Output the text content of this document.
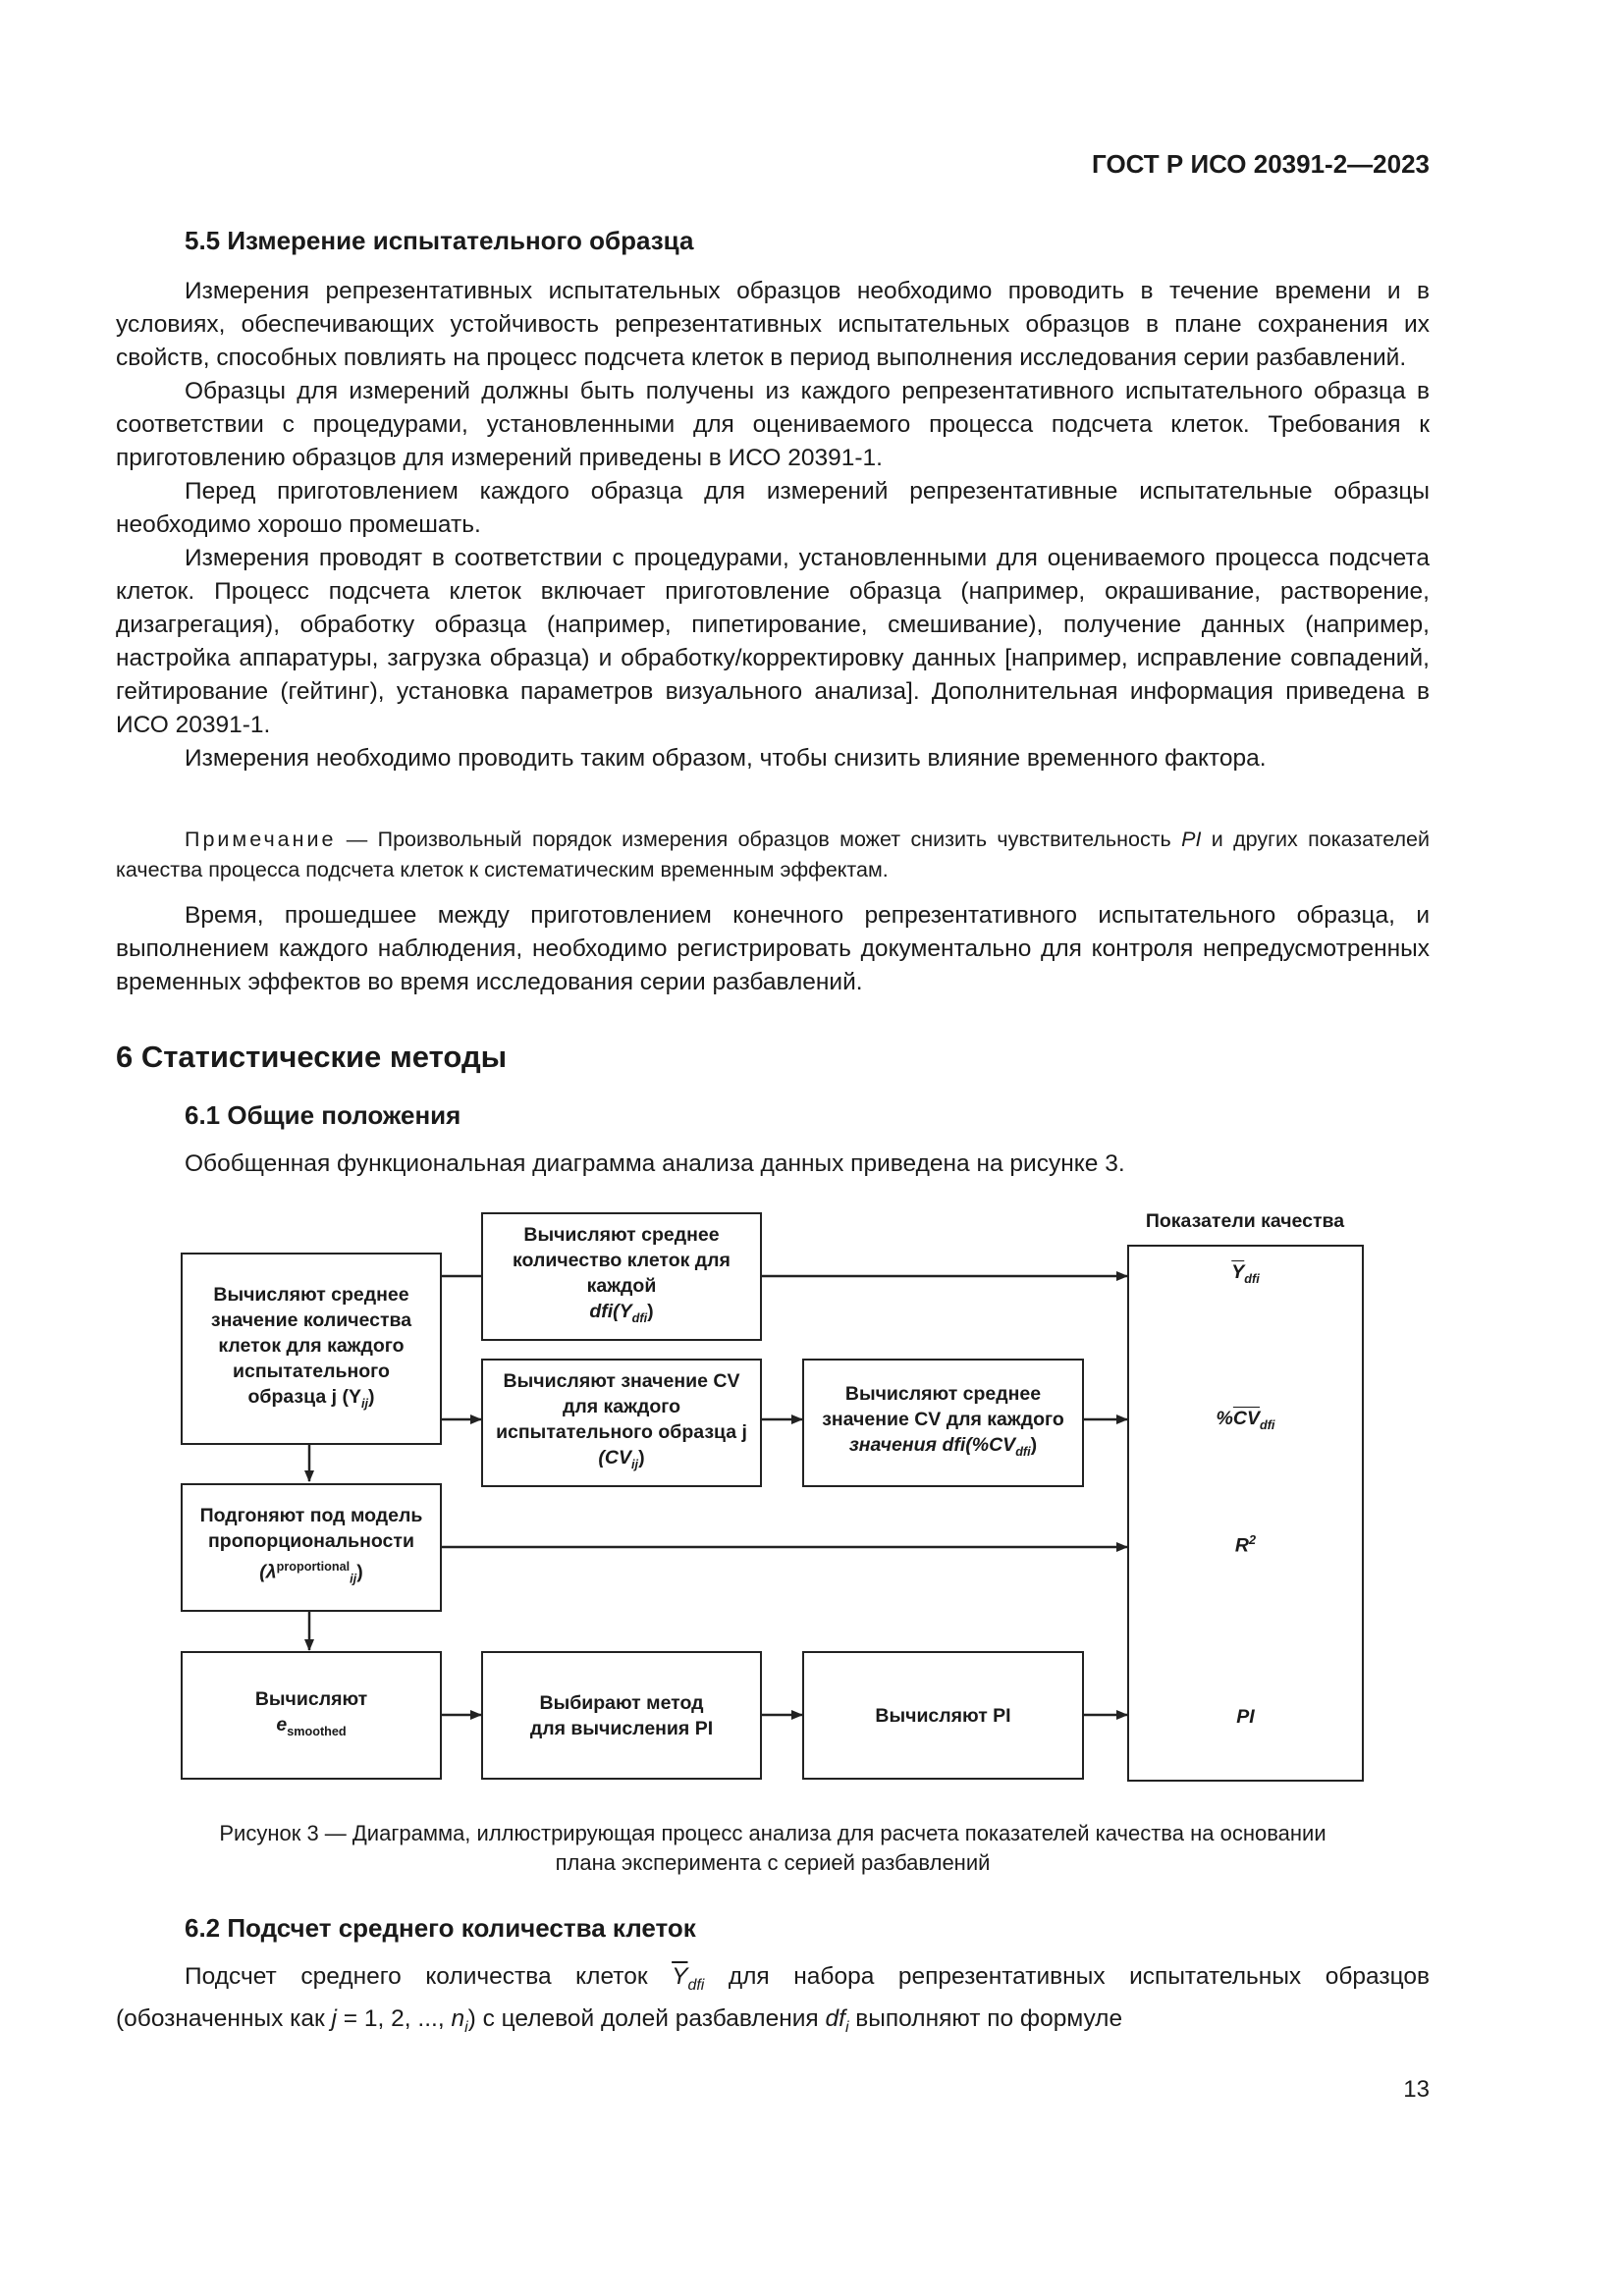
ГОСТ Р ИСО 20391-2—2023
5.5 Измерение испытательного образца

Измерения репрезентативных испытательных образцов необходимо проводить в течение времени и в условиях, обеспечивающих устойчивость репрезентативных испытательных образцов в плане сохранения их свойств, способных повлиять на процесс подсчета клеток в период выполнения исследования серии разбавлений.

Образцы для измерений должны быть получены из каждого репрезентативного испытательного образца в соответствии с процедурами, установленными для оцениваемого процесса подсчета клеток. Требования к приготовлению образцов для измерений приведены в ИСО 20391-1.

Перед приготовлением каждого образца для измерений репрезентативные испытательные образцы необходимо хорошо промешать.

Измерения проводят в соответствии с процедурами, установленными для оцениваемого процесса подсчета клеток. Процесс подсчета клеток включает приготовление образца (например, окрашивание, растворение, дизагрегация), обработку образца (например, пипетирование, смешивание), получение данных (например, настройка аппаратуры, загрузка образца) и обработку/корректировку данных [например, исправление совпадений, гейтирование (гейтинг), установка параметров визуального анализа]. Дополнительная информация приведена в ИСО 20391-1.

Измерения необходимо проводить таким образом, чтобы снизить влияние временного фактора.

Примечание — Произвольный порядок измерения образцов может снизить чувствительность PI и других показателей качества процесса подсчета клеток к систематическим временным эффектам.

Время, прошедшее между приготовлением конечного репрезентативного испытательного образца, и выполнением каждого наблюдения, необходимо регистрировать документально для контроля непредусмотренных временных эффектов во время исследования серии разбавлений.

6 Статистические методы
6.1 Общие положения

Обобщенная функциональная диаграмма анализа данных приведена на рисунке 3.

Показатели качества
Вычисляют среднее
значение количества
клеток для каждого
испытательного
образца j $(Y_{ij})$
Вычисляют среднее
количество клеток для
каждой
$dfi(Y_{dfi})$
Вычисляют значение CV
для каждого
испытательного образца j
$(CV_{ij})$
Вычисляют среднее
значение CV для каждого
значения $dfi(\%CV_{dfi})$
Подгоняют под модель
пропорциональности
$(\lambda^{proportional}_{ij})$
Вычисляют
$e_{smoothed}$
Выбирают метод
для вычисления PI
Вычисляют PI
$\overline{Y}_{dfi}$
$\%\overline{CV}_{dfi}$
$R^2$
PI
Рисунок 3 — Диаграмма, иллюстрирующая процесс анализа для расчета показателей качества на основании
плана эксперимента с серией разбавлений
6.2 Подсчет среднего количества клеток

Подсчет среднего количества клеток $\overline{Y}_{dfi}$ для набора репрезентативных испытательных образцов (обозначенных как j = 1, 2, ..., $n_i$) с целевой долей разбавления $df_i$ выполняют по формуле

13
